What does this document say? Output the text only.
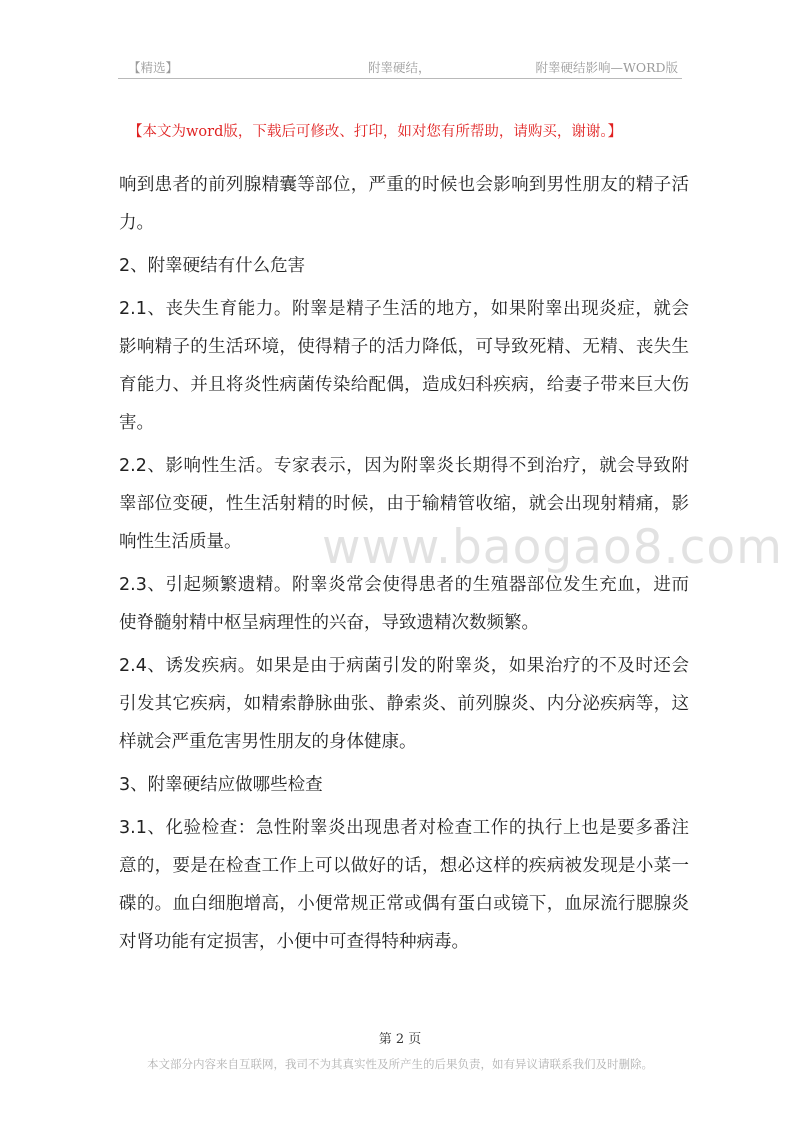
【精选】	附睾硬结，	附睾硬结影响—WORD版
【本文为word版，下载后可修改、打印，如对您有所帮助，请购买，谢谢。】

响到患者的前列腺精囊等部位，严重的时候也会影响到男性朋友的精子活力。

2、附睾硬结有什么危害

2.1、丧失生育能力。附睾是精子生活的地方，如果附睾出现炎症，就会影响精子的生活环境，使得精子的活力降低，可导致死精、无精、丧失生育能力、并且将炎性病菌传染给配偶，造成妇科疾病，给妻子带来巨大伤害。

2.2、影响性生活。专家表示，因为附睾炎长期得不到治疗，就会导致附睾部位变硬，性生活射精的时候，由于输精管收缩，就会出现射精痛，影响性生活质量。

2.3、引起频繁遗精。附睾炎常会使得患者的生殖器部位发生充血，进而使脊髓射精中枢呈病理性的兴奋，导致遗精次数频繁。

2.4、诱发疾病。如果是由于病菌引发的附睾炎，如果治疗的不及时还会引发其它疾病，如精索静脉曲张、静索炎、前列腺炎、内分泌疾病等，这样就会严重危害男性朋友的身体健康。

3、附睾硬结应做哪些检查

3.1、化验检查：急性附睾炎出现患者对检查工作的执行上也是要多番注意的，要是在检查工作上可以做好的话，想必这样的疾病被发现是小菜一碟的。血白细胞增高，小便常规正常或偶有蛋白或镜下，血尿流行腮腺炎对肾功能有定损害，小便中可查得特种病毒。

www.baogao8.com
第 2 页
本文部分内容来自互联网，我司不为其真实性及所产生的后果负责，如有异议请联系我们及时删除。
